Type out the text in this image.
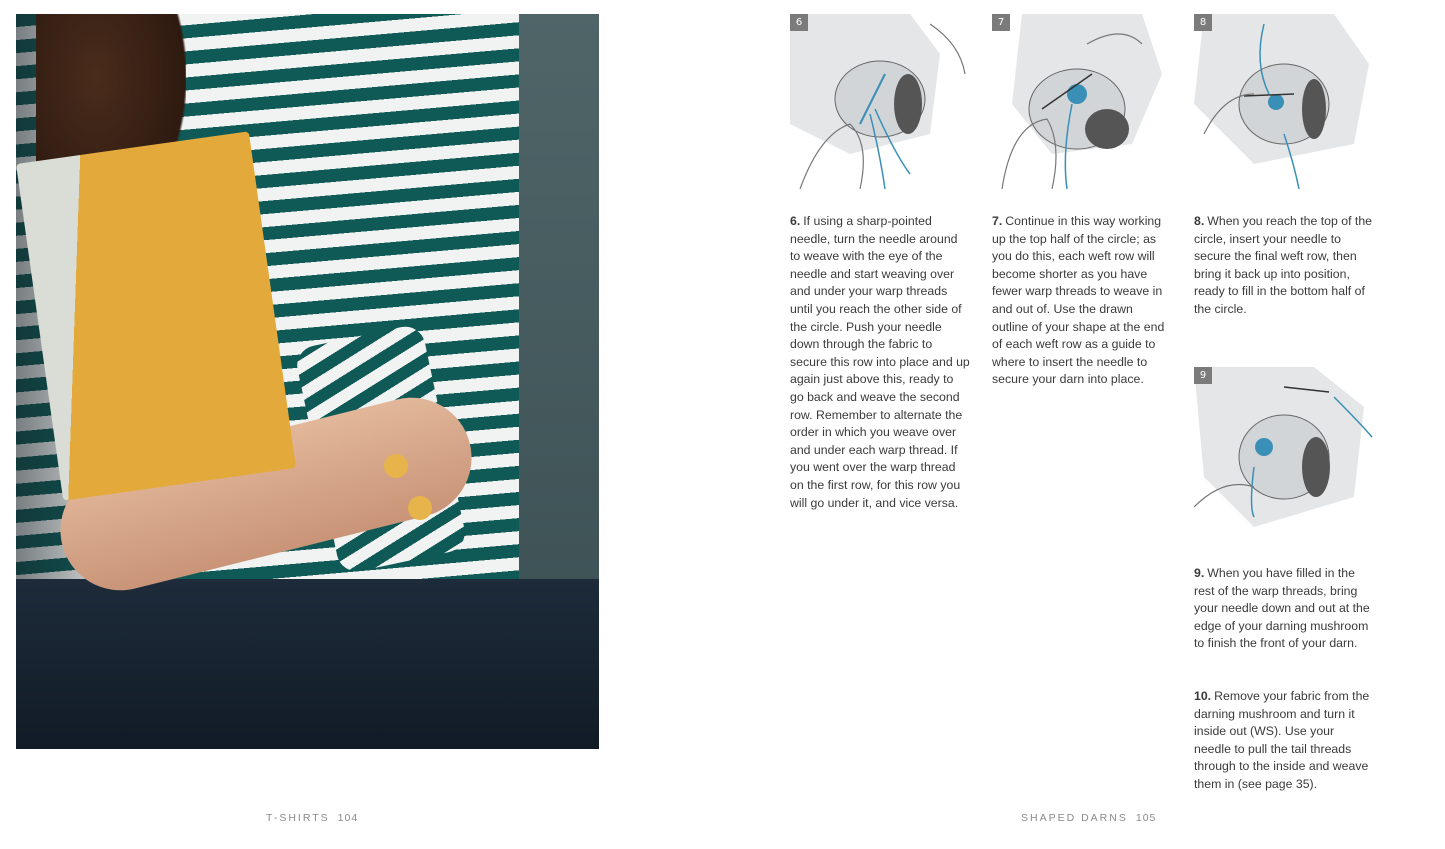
T-SHIRTS 104
6	7	8
9
6. If using a sharp-pointed needle, turn the needle around to weave with the eye of the needle and start weaving over and under your warp threads until you reach the other side of the circle. Push your needle down through the fabric to secure this row into place and up again just above this, ready to go back and weave the second row. Remember to alternate the order in which you weave over and under each warp thread. If you went over the warp thread on the first row, for this row you will go under it, and vice versa.
7. Continue in this way working up the top half of the circle; as you do this, each weft row will become shorter as you have fewer warp threads to weave in and out of. Use the drawn outline of your shape at the end of each weft row as a guide to where to insert the needle to secure your darn into place.
8. When you reach the top of the circle, insert your needle to secure the final weft row, then bring it back up into position, ready to fill in the bottom half of the circle.
9. When you have filled in the rest of the warp threads, bring your needle down and out at the edge of your darning mushroom to finish the front of your darn.
10. Remove your fabric from the darning mushroom and turn it inside out (WS). Use your needle to pull the tail threads through to the inside and weave them in (see page 35).
SHAPED DARNS 105
